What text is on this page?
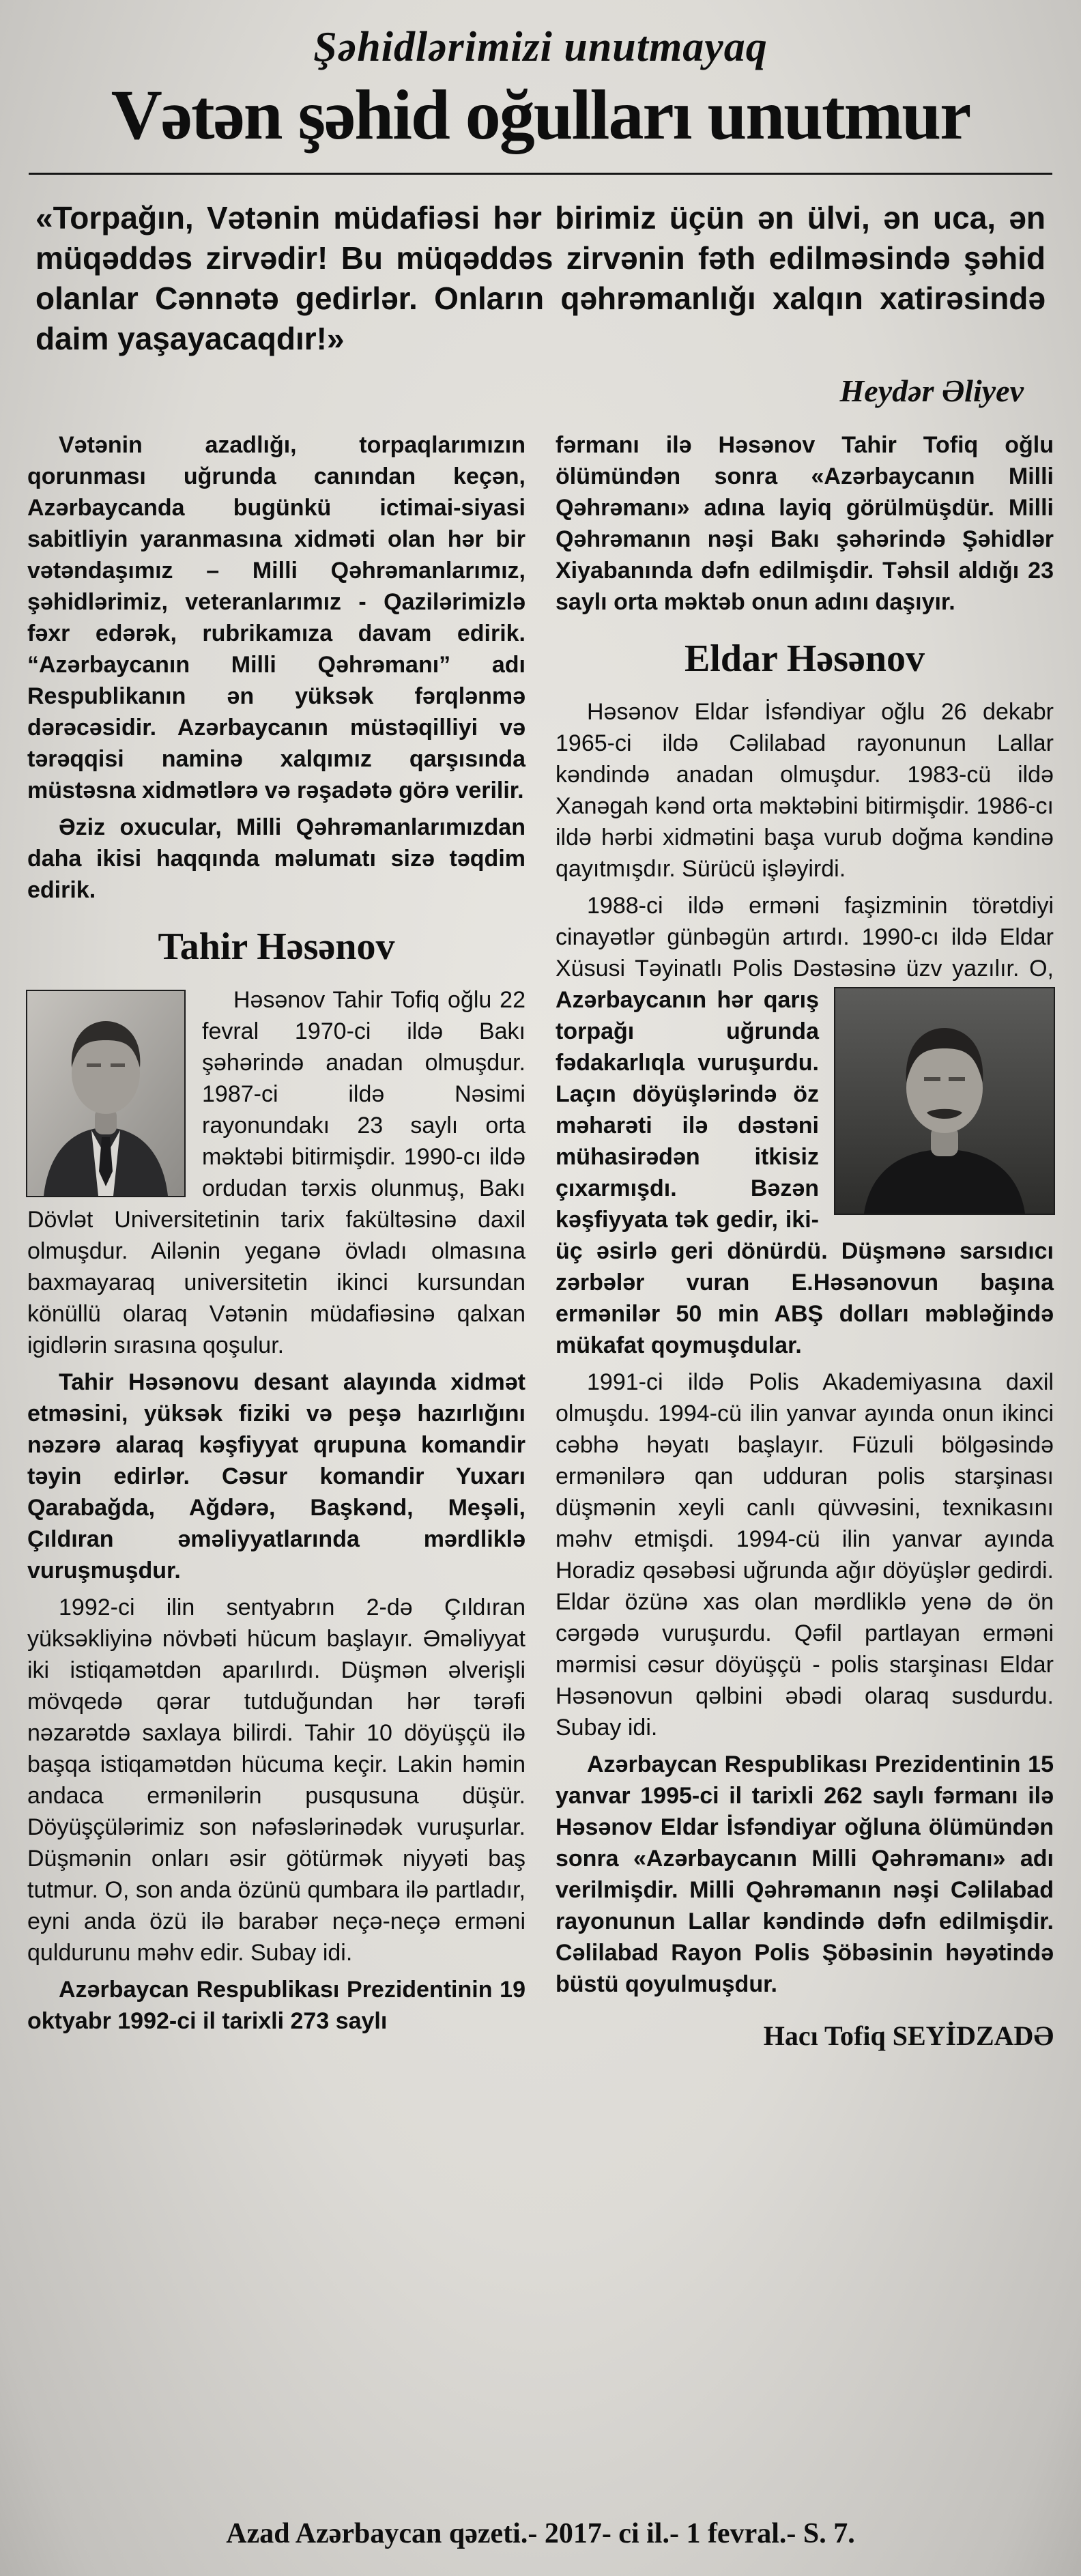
Şəhidlərimizi unutmayaq
Vətən şəhid oğulları unutmur

«Torpağın, Vətənin müdafiəsi hər birimiz üçün ən ülvi, ən uca, ən müqəddəs zirvədir! Bu müqəddəs zirvənin fəth edilməsində şəhid olanlar Cənnətə gedirlər. Onların qəhrəmanlığı xalqın xatirəsində daim yaşayacaqdır!»

Heydər Əliyev

Vətənin azadlığı, torpaqlarımızın qorunması uğrunda canından keçən, Azərbaycanda bugünkü ictimai-siyasi sabitliyin yaranmasına xidməti olan hər bir vətəndaşımız – Milli Qəhrəmanlarımız, şəhidlərimiz, veteranlarımız - Qazilərimizlə fəxr edərək, rubrikamıza davam edirik. “Azərbaycanın Milli Qəhrəmanı” adı Respublikanın ən yüksək fərqlənmə dərəcəsidir. Azərbaycanın müstəqilliyi və tərəqqisi naminə xalqımız qarşısında müstəsna xidmətlərə və rəşadətə görə verilir.

Əziz oxucular, Milli Qəhrəmanlarımızdan daha ikisi haqqında məlumatı sizə təqdim edirik.

Tahir Həsənov

Həsənov Tahir Tofiq oğlu 22 fevral 1970-ci ildə Bakı şəhərində anadan olmuşdur. 1987-ci ildə Nəsimi rayonundakı 23 saylı orta məktəbi bitirmişdir. 1990-cı ildə ordudan tərxis olunmuş, Bakı Dövlət Universitetinin tarix fakültəsinə daxil olmuşdur. Ailənin yeganə övladı olmasına baxmayaraq universitetin ikinci kursundan könüllü olaraq Vətənin müdafiəsinə qalxan igidlərin sırasına qoşulur.

Tahir Həsənovu desant alayında xidmət etməsini, yüksək fiziki və peşə hazırlığını nəzərə alaraq kəşfiyyat qrupuna komandir təyin edirlər. Cəsur komandir Yuxarı Qarabağda, Ağdərə, Başkənd, Meşəli, Çıldıran əməliyyatlarında mərdliklə vuruşmuşdur.

1992-ci ilin sentyabrın 2-də Çıldıran yüksəkliyinə növbəti hücum başlayır. Əməliyyat iki istiqamətdən aparılırdı. Düşmən əlverişli mövqedə qərar tutduğundan hər tərəfi nəzarətdə saxlaya bilirdi. Tahir 10 döyüşçü ilə başqa istiqamətdən hücuma keçir. Lakin həmin andaca ermənilərin pusqusuna düşür. Döyüşçülərimiz son nəfəslərinədək vuruşurlar. Düşmənin onları əsir götürmək niyyəti baş tutmur. O, son anda özünü qumbara ilə partladır, eyni anda özü ilə barabər neçə-neçə erməni quldurunu məhv edir. Subay idi.

Azərbaycan Respublikası Prezidentinin 19 oktyabr 1992-ci il tarixli 273 saylı

fərmanı ilə Həsənov Tahir Tofiq oğlu ölümündən sonra «Azərbaycanın Milli Qəhrəmanı» adına layiq görülmüşdür. Milli Qəhrəmanın nəşi Bakı şəhərində Şəhidlər Xiyabanında dəfn edilmişdir. Təhsil aldığı 23 saylı orta məktəb onun adını daşıyır.

Eldar Həsənov

Həsənov Eldar İsfəndiyar oğlu 26 dekabr 1965-ci ildə Cəlilabad rayonunun Lallar kəndində anadan olmuşdur. 1983-cü ildə Xanəgah kənd orta məktəbini bitirmişdir. 1986-cı ildə hərbi xidmətini başa vurub doğma kəndinə qayıtmışdır. Sürücü işləyirdi.

1988-ci ildə erməni faşizminin törətdiyi cinayətlər günbəgün artırdı. 1990-cı ildə Eldar Xüsusi Təyinatlı Polis Dəstəsinə üzv yazılır. O,
Azərbaycanın hər qarış torpağı uğrunda fədakarlıqla vuruşurdu. Laçın döyüşlərində öz məharəti ilə dəstəni mühasirədən itkisiz çıxarmışdı.	Bəzən kəşfiyyata tək gedir, iki-üç əsirlə geri dönürdü. Düşmənə sarsıdıcı zərbələr vuran E.Həsənovun başına ermənilər 50 min ABŞ dolları məbləğində mükafat qoymuşdular.

1991-ci ildə Polis Akademiyasına daxil olmuşdu. 1994-cü ilin yanvar ayında onun ikinci cəbhə həyatı başlayır. Füzuli bölgəsində ermənilərə qan udduran polis starşinası düşmənin xeyli canlı qüvvəsini, texnikasını məhv etmişdi. 1994-cü ilin yanvar ayında Horadiz qəsəbəsi uğrunda ağır döyüşlər gedirdi. Eldar özünə xas olan mərdliklə yenə də ön cərgədə vuruşurdu. Qəfil partlayan erməni mərmisi cəsur döyüşçü - polis starşinası Eldar Həsənovun qəlbini əbədi olaraq susdurdu. Subay idi.

Azərbaycan Respublikası Prezidentinin 15 yanvar 1995-ci il tarixli 262 saylı fərmanı ilə Həsənov Eldar İsfəndiyar oğluna ölümündən sonra «Azərbaycanın Milli Qəhrəmanı» adı verilmişdir. Milli Qəhrəmanın nəşi Cəlilabad rayonunun Lallar kəndində dəfn edilmişdir. Cəlilabad Rayon Polis Şöbəsinin həyətində büstü qoyulmuşdur.

Hacı Tofiq SEYİDZADƏ
Azad Azərbaycan qəzeti.- 2017- ci il.- 1 fevral.- S. 7.
